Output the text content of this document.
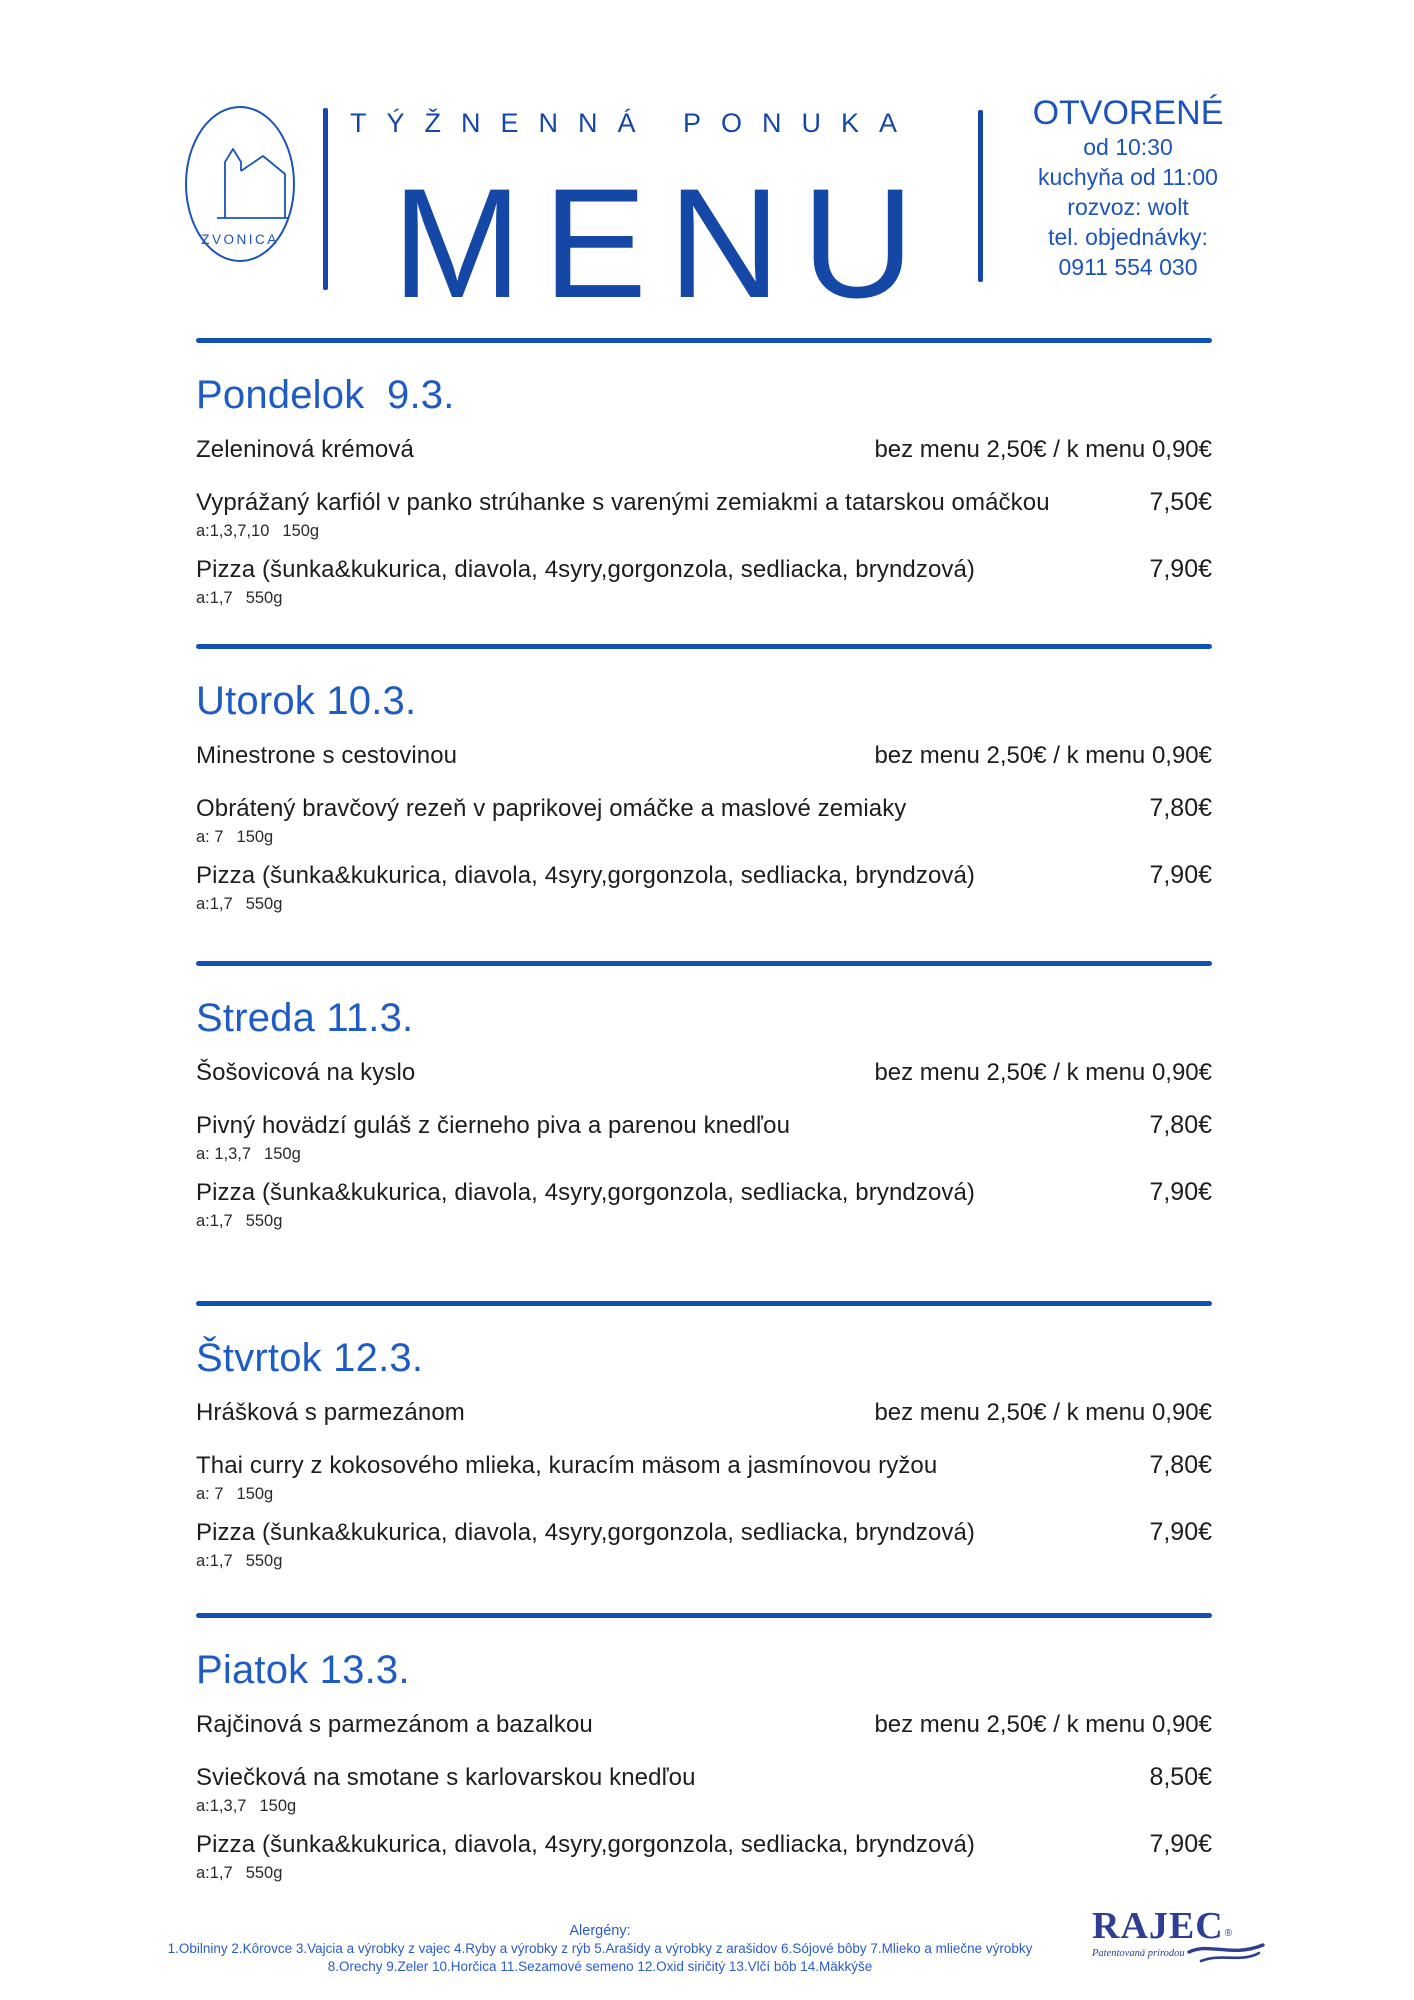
ZVONICA
TÝŽNENNÁ PONUKA
MENU
OTVORENÉ
od 10:30
kuchyňa od 11:00
rozvoz: wolt
tel. objednávky:
0911 554 030
Pondelok  9.3.
Zeleninová krémová	bez menu 2,50€ / k menu 0,90€
Vyprážaný karfiól v panko strúhanke s varenými zemiakmi a tatarskou omáčkou	7,50€
a:1,3,7,10 150g
Pizza (šunka&kukurica, diavola, 4syry,gorgonzola, sedliacka, bryndzová)	7,90€
a:1,7 550g
Utorok 10.3.
Minestrone s cestovinou	bez menu 2,50€ / k menu 0,90€
Obrátený bravčový rezeň v paprikovej omáčke a maslové zemiaky	7,80€
a: 7 150g
Pizza (šunka&kukurica, diavola, 4syry,gorgonzola, sedliacka, bryndzová)	7,90€
a:1,7 550g
Streda 11.3.
Šošovicová na kyslo	bez menu 2,50€ / k menu 0,90€
Pivný hovädzí guláš z čierneho piva a parenou knedľou	7,80€
a: 1,3,7 150g
Pizza (šunka&kukurica, diavola, 4syry,gorgonzola, sedliacka, bryndzová)	7,90€
a:1,7 550g
Štvrtok 12.3.
Hrášková s parmezánom	bez menu 2,50€ / k menu 0,90€
Thai curry z kokosového mlieka, kuracím mäsom a jasmínovou ryžou	7,80€
a: 7 150g
Pizza (šunka&kukurica, diavola, 4syry,gorgonzola, sedliacka, bryndzová)	7,90€
a:1,7 550g
Piatok 13.3.
Rajčinová s parmezánom a bazalkou	bez menu 2,50€ / k menu 0,90€
Sviečková na smotane s karlovarskou knedľou	8,50€
a:1,3,7 150g
Pizza (šunka&kukurica, diavola, 4syry,gorgonzola, sedliacka, bryndzová)	7,90€
a:1,7 550g
Alergény:
1.Obilniny 2.Kôrovce 3.Vajcia a výrobky z vajec 4.Ryby a výrobky z rýb 5.Arašidy a výrobky z arašidov 6.Sójové bôby 7.Mlieko a mliečne výrobky
8.Orechy 9.Zeler 10.Horčica 11.Sezamové semeno 12.Oxid siričitý 13.Vlčí bôb 14.Mäkkýše
RAJEC ®
Patentovaná prírodou
